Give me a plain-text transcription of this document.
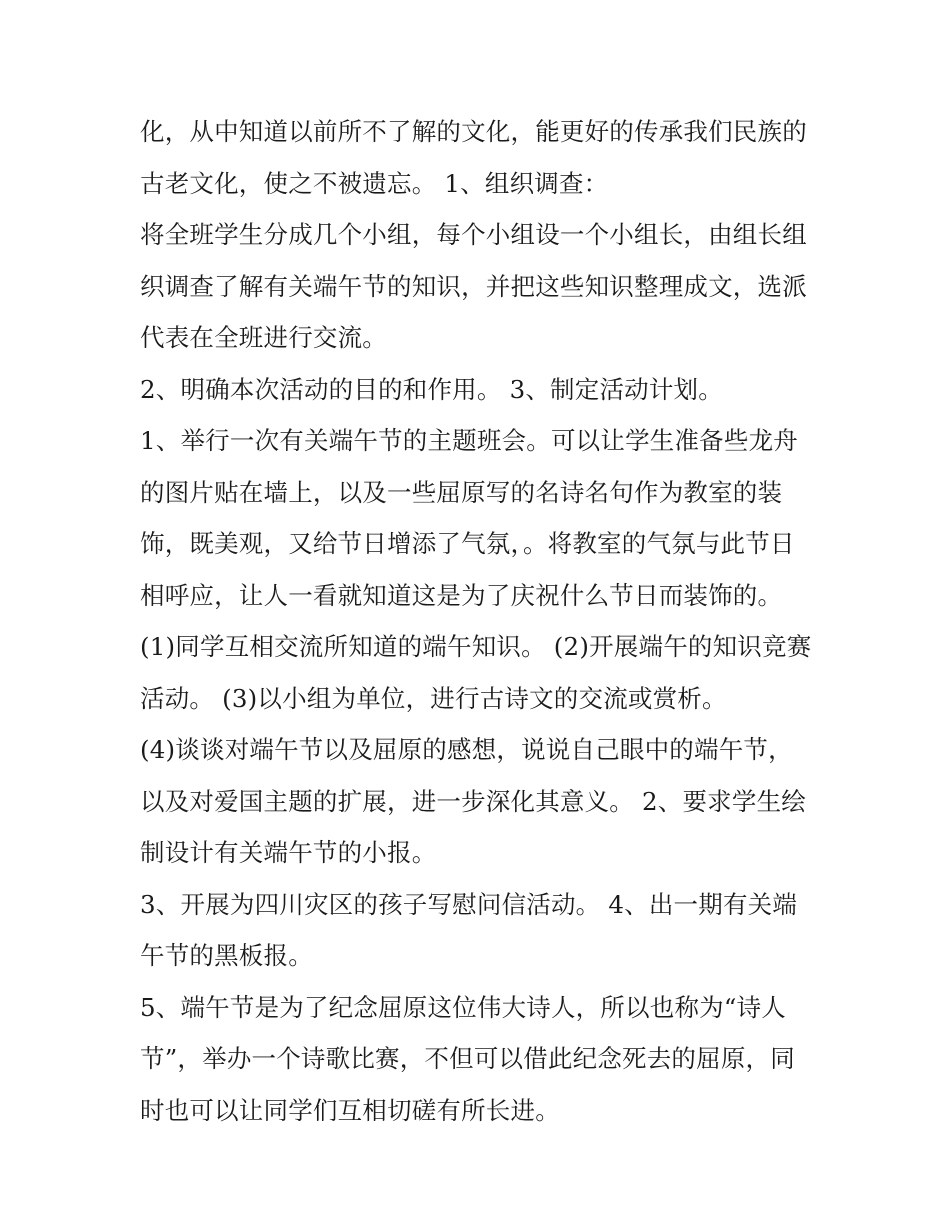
化，从中知道以前所不了解的文化，能更好的传承我们民族的
古老文化，使之不被遗忘。 1、组织调查：
将全班学生分成几个小组，每个小组设一个小组长，由组长组
织调查了解有关端午节的知识，并把这些知识整理成文，选派
代表在全班进行交流。
2、明确本次活动的目的和作用。 3、制定活动计划。
1、举行一次有关端午节的主题班会。可以让学生准备些龙舟
的图片贴在墙上，以及一些屈原写的名诗名句作为教室的装
饰，既美观，又给节日增添了气氛，。将教室的气氛与此节日
相呼应，让人一看就知道这是为了庆祝什么节日而装饰的。
(1)同学互相交流所知道的端午知识。 (2)开展端午的知识竞赛
活动。 (3)以小组为单位，进行古诗文的交流或赏析。
(4)谈谈对端午节以及屈原的感想，说说自己眼中的端午节，
以及对爱国主题的扩展，进一步深化其意义。 2、要求学生绘
制设计有关端午节的小报。
3、开展为四川灾区的孩子写慰问信活动。 4、出一期有关端
午节的黑板报。
5、端午节是为了纪念屈原这位伟大诗人，所以也称为“诗人
节”，举办一个诗歌比赛，不但可以借此纪念死去的屈原，同
时也可以让同学们互相切磋有所长进。
